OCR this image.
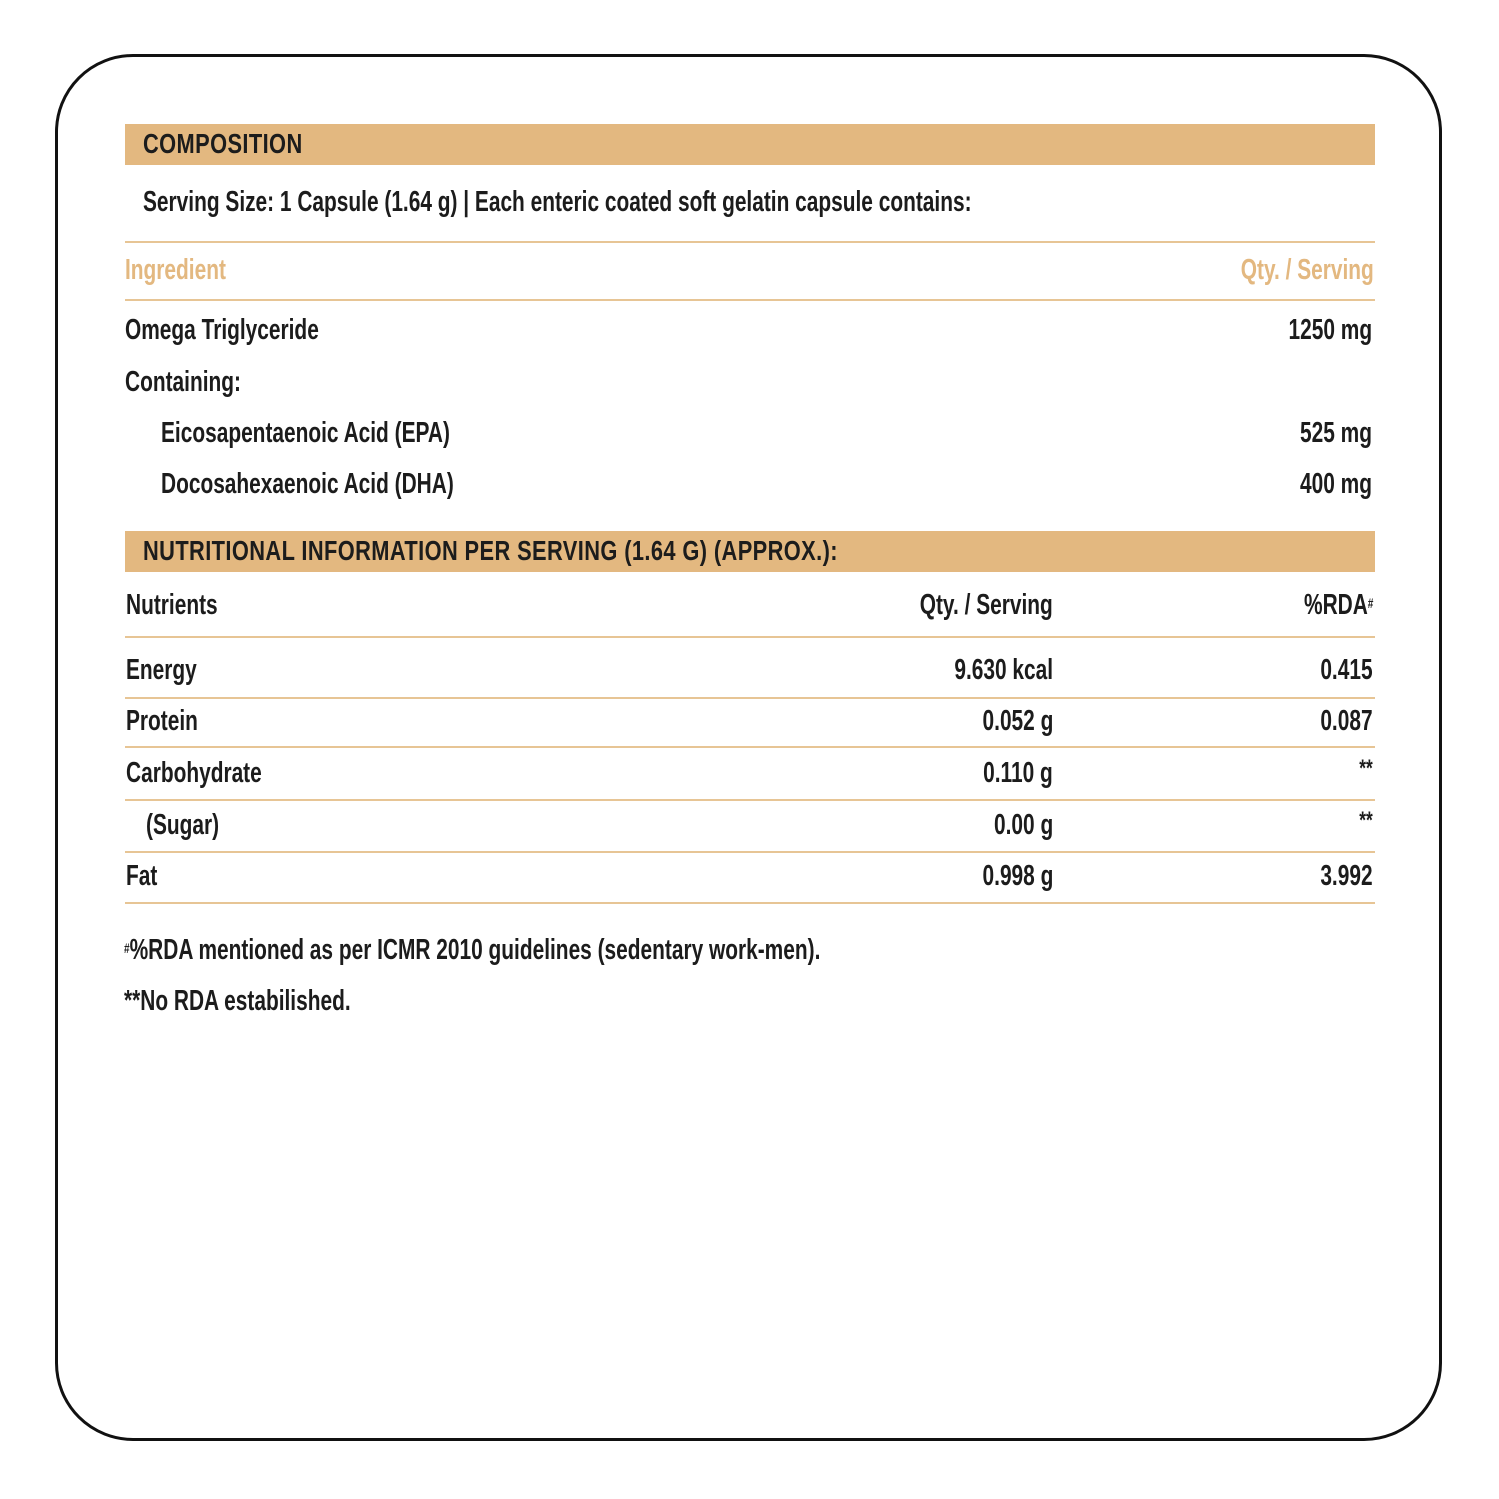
COMPOSITION
Serving Size: 1 Capsule (1.64 g) | Each enteric coated soft gelatin capsule contains:
Ingredient	Qty. / Serving
Omega Triglyceride	1250 mg
Containing:
Eicosapentaenoic Acid (EPA)	525 mg
Docosahexaenoic Acid (DHA)	400 mg
NUTRITIONAL INFORMATION PER SERVING (1.64 G) (APPROX.):
Nutrients	Qty. / Serving	%RDA#
Energy	9.630 kcal	0.415
Protein	0.052 g	0.087
Carbohydrate	0.110 g	**
(Sugar)	0.00 g	**
Fat	0.998 g	3.992
#%RDA mentioned as per ICMR 2010 guidelines (sedentary work-men).
**No RDA estabilished.
